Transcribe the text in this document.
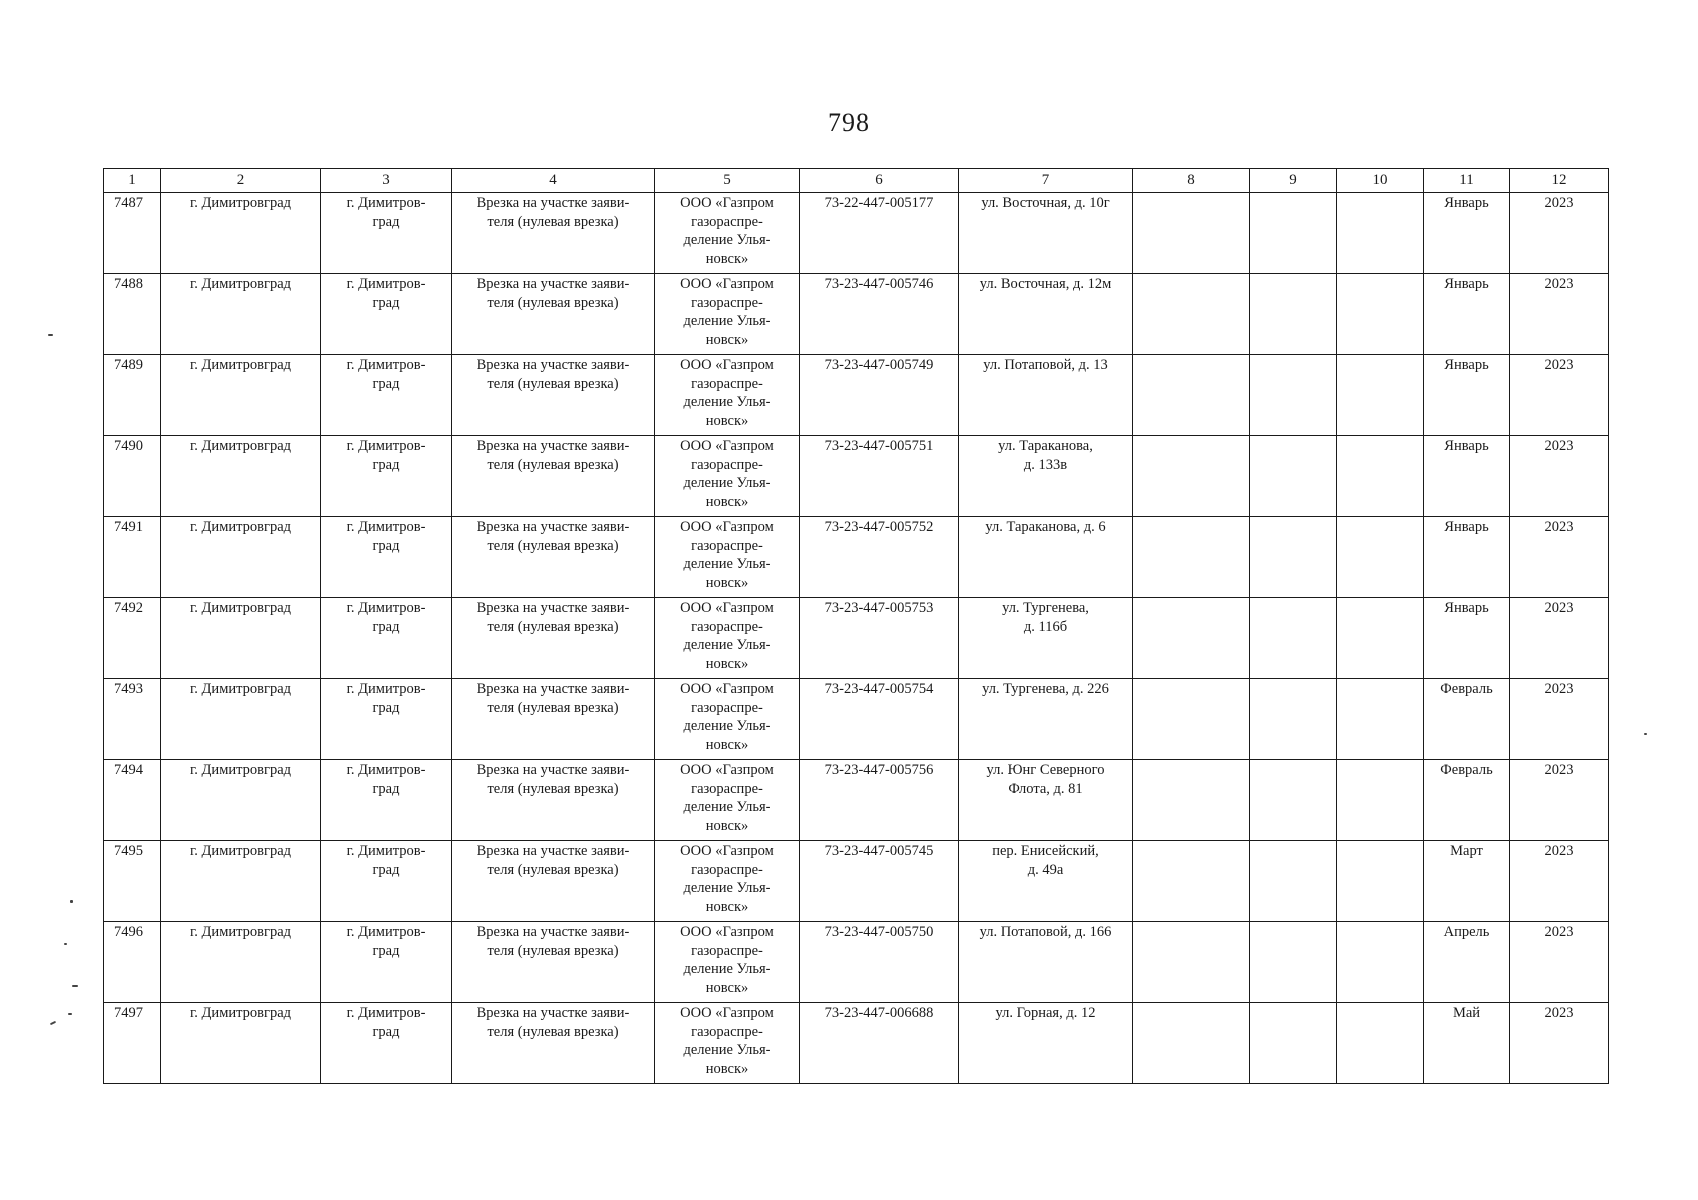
798
1	2	3	4	5	6	7	8	9	10	11	12

7487	г. Димитровград	г. Димитров-
град	Врезка на участке заяви-
теля (нулевая врезка)	ООО «Газпром
газораспре-
деление Улья-
новск»	73-22-447-005177	ул. Восточная, д. 10г				Январь	2023

7488	г. Димитровград	г. Димитров-
град	Врезка на участке заяви-
теля (нулевая врезка)	ООО «Газпром
газораспре-
деление Улья-
новск»	73-23-447-005746	ул. Восточная, д. 12м				Январь	2023

7489	г. Димитровград	г. Димитров-
град	Врезка на участке заяви-
теля (нулевая врезка)	ООО «Газпром
газораспре-
деление Улья-
новск»	73-23-447-005749	ул. Потаповой, д. 13				Январь	2023

7490	г. Димитровград	г. Димитров-
град	Врезка на участке заяви-
теля (нулевая врезка)	ООО «Газпром
газораспре-
деление Улья-
новск»	73-23-447-005751	ул. Тараканова,
д. 133в				Январь	2023

7491	г. Димитровград	г. Димитров-
град	Врезка на участке заяви-
теля (нулевая врезка)	ООО «Газпром
газораспре-
деление Улья-
новск»	73-23-447-005752	ул. Тараканова, д. 6				Январь	2023

7492	г. Димитровград	г. Димитров-
град	Врезка на участке заяви-
теля (нулевая врезка)	ООО «Газпром
газораспре-
деление Улья-
новск»	73-23-447-005753	ул. Тургенева,
д. 116б				Январь	2023

7493	г. Димитровград	г. Димитров-
град	Врезка на участке заяви-
теля (нулевая врезка)	ООО «Газпром
газораспре-
деление Улья-
новск»	73-23-447-005754	ул. Тургенева, д. 226				Февраль	2023

7494	г. Димитровград	г. Димитров-
град	Врезка на участке заяви-
теля (нулевая врезка)	ООО «Газпром
газораспре-
деление Улья-
новск»	73-23-447-005756	ул. Юнг Северного
Флота, д. 81				Февраль	2023

7495	г. Димитровград	г. Димитров-
град	Врезка на участке заяви-
теля (нулевая врезка)	ООО «Газпром
газораспре-
деление Улья-
новск»	73-23-447-005745	пер. Енисейский,
д. 49а				Март	2023

7496	г. Димитровград	г. Димитров-
град	Врезка на участке заяви-
теля (нулевая врезка)	ООО «Газпром
газораспре-
деление Улья-
новск»	73-23-447-005750	ул. Потаповой, д. 166				Апрель	2023

7497	г. Димитровград	г. Димитров-
град	Врезка на участке заяви-
теля (нулевая врезка)	ООО «Газпром
газораспре-
деление Улья-
новск»	73-23-447-006688	ул. Горная, д. 12				Май	2023
